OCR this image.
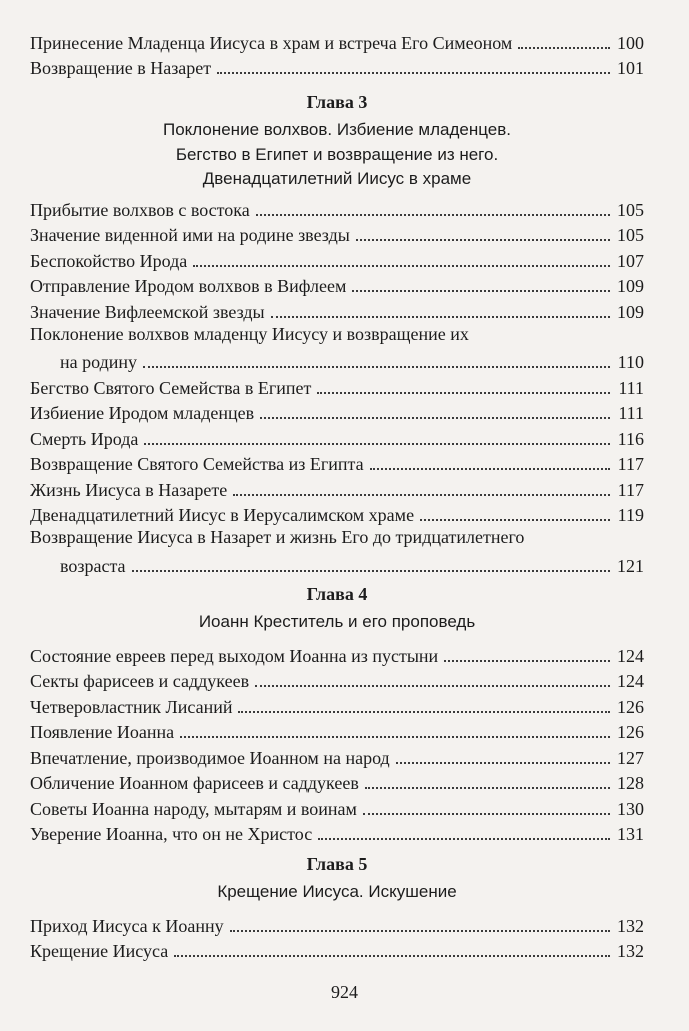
Принесение Младенца Иисуса в храм и встреча Его Симеоном	100
Возвращение в Назарет	101
Глава 3
Поклонение волхвов. Избиение младенцев.
Бегство в Египет и возвращение из него.
Двенадцатилетний Иисус в храме
Прибытие волхвов с востока	105
Значение виденной ими на родине звезды	105
Беспокойство Ирода	107
Отправление Иродом волхвов в Вифлеем	109
Значение Вифлеемской звезды	109
Поклонение волхвов младенцу Иисусу и возвращение их
на родину	110
Бегство Святого Семейства в Египет	111
Избиение Иродом младенцев	111
Смерть Ирода	116
Возвращение Святого Семейства из Египта	117
Жизнь Иисуса в Назарете	117
Двенадцатилетний Иисус в Иерусалимском храме	119
Возвращение Иисуса в Назарет и жизнь Его до тридцатилетнего
возраста	121
Глава 4
Иоанн Креститель и его проповедь
Состояние евреев перед выходом Иоанна из пустыни	124
Секты фарисеев и саддукеев	124
Четверовластник Лисаний	126
Появление Иоанна	126
Впечатление, производимое Иоанном на народ	127
Обличение Иоанном фарисеев и саддукеев	128
Советы Иоанна народу, мытарям и воинам	130
Уверение Иоанна, что он не Христос	131
Глава 5
Крещение Иисуса. Искушение
Приход Иисуса к Иоанну	132
Крещение Иисуса	132
924
